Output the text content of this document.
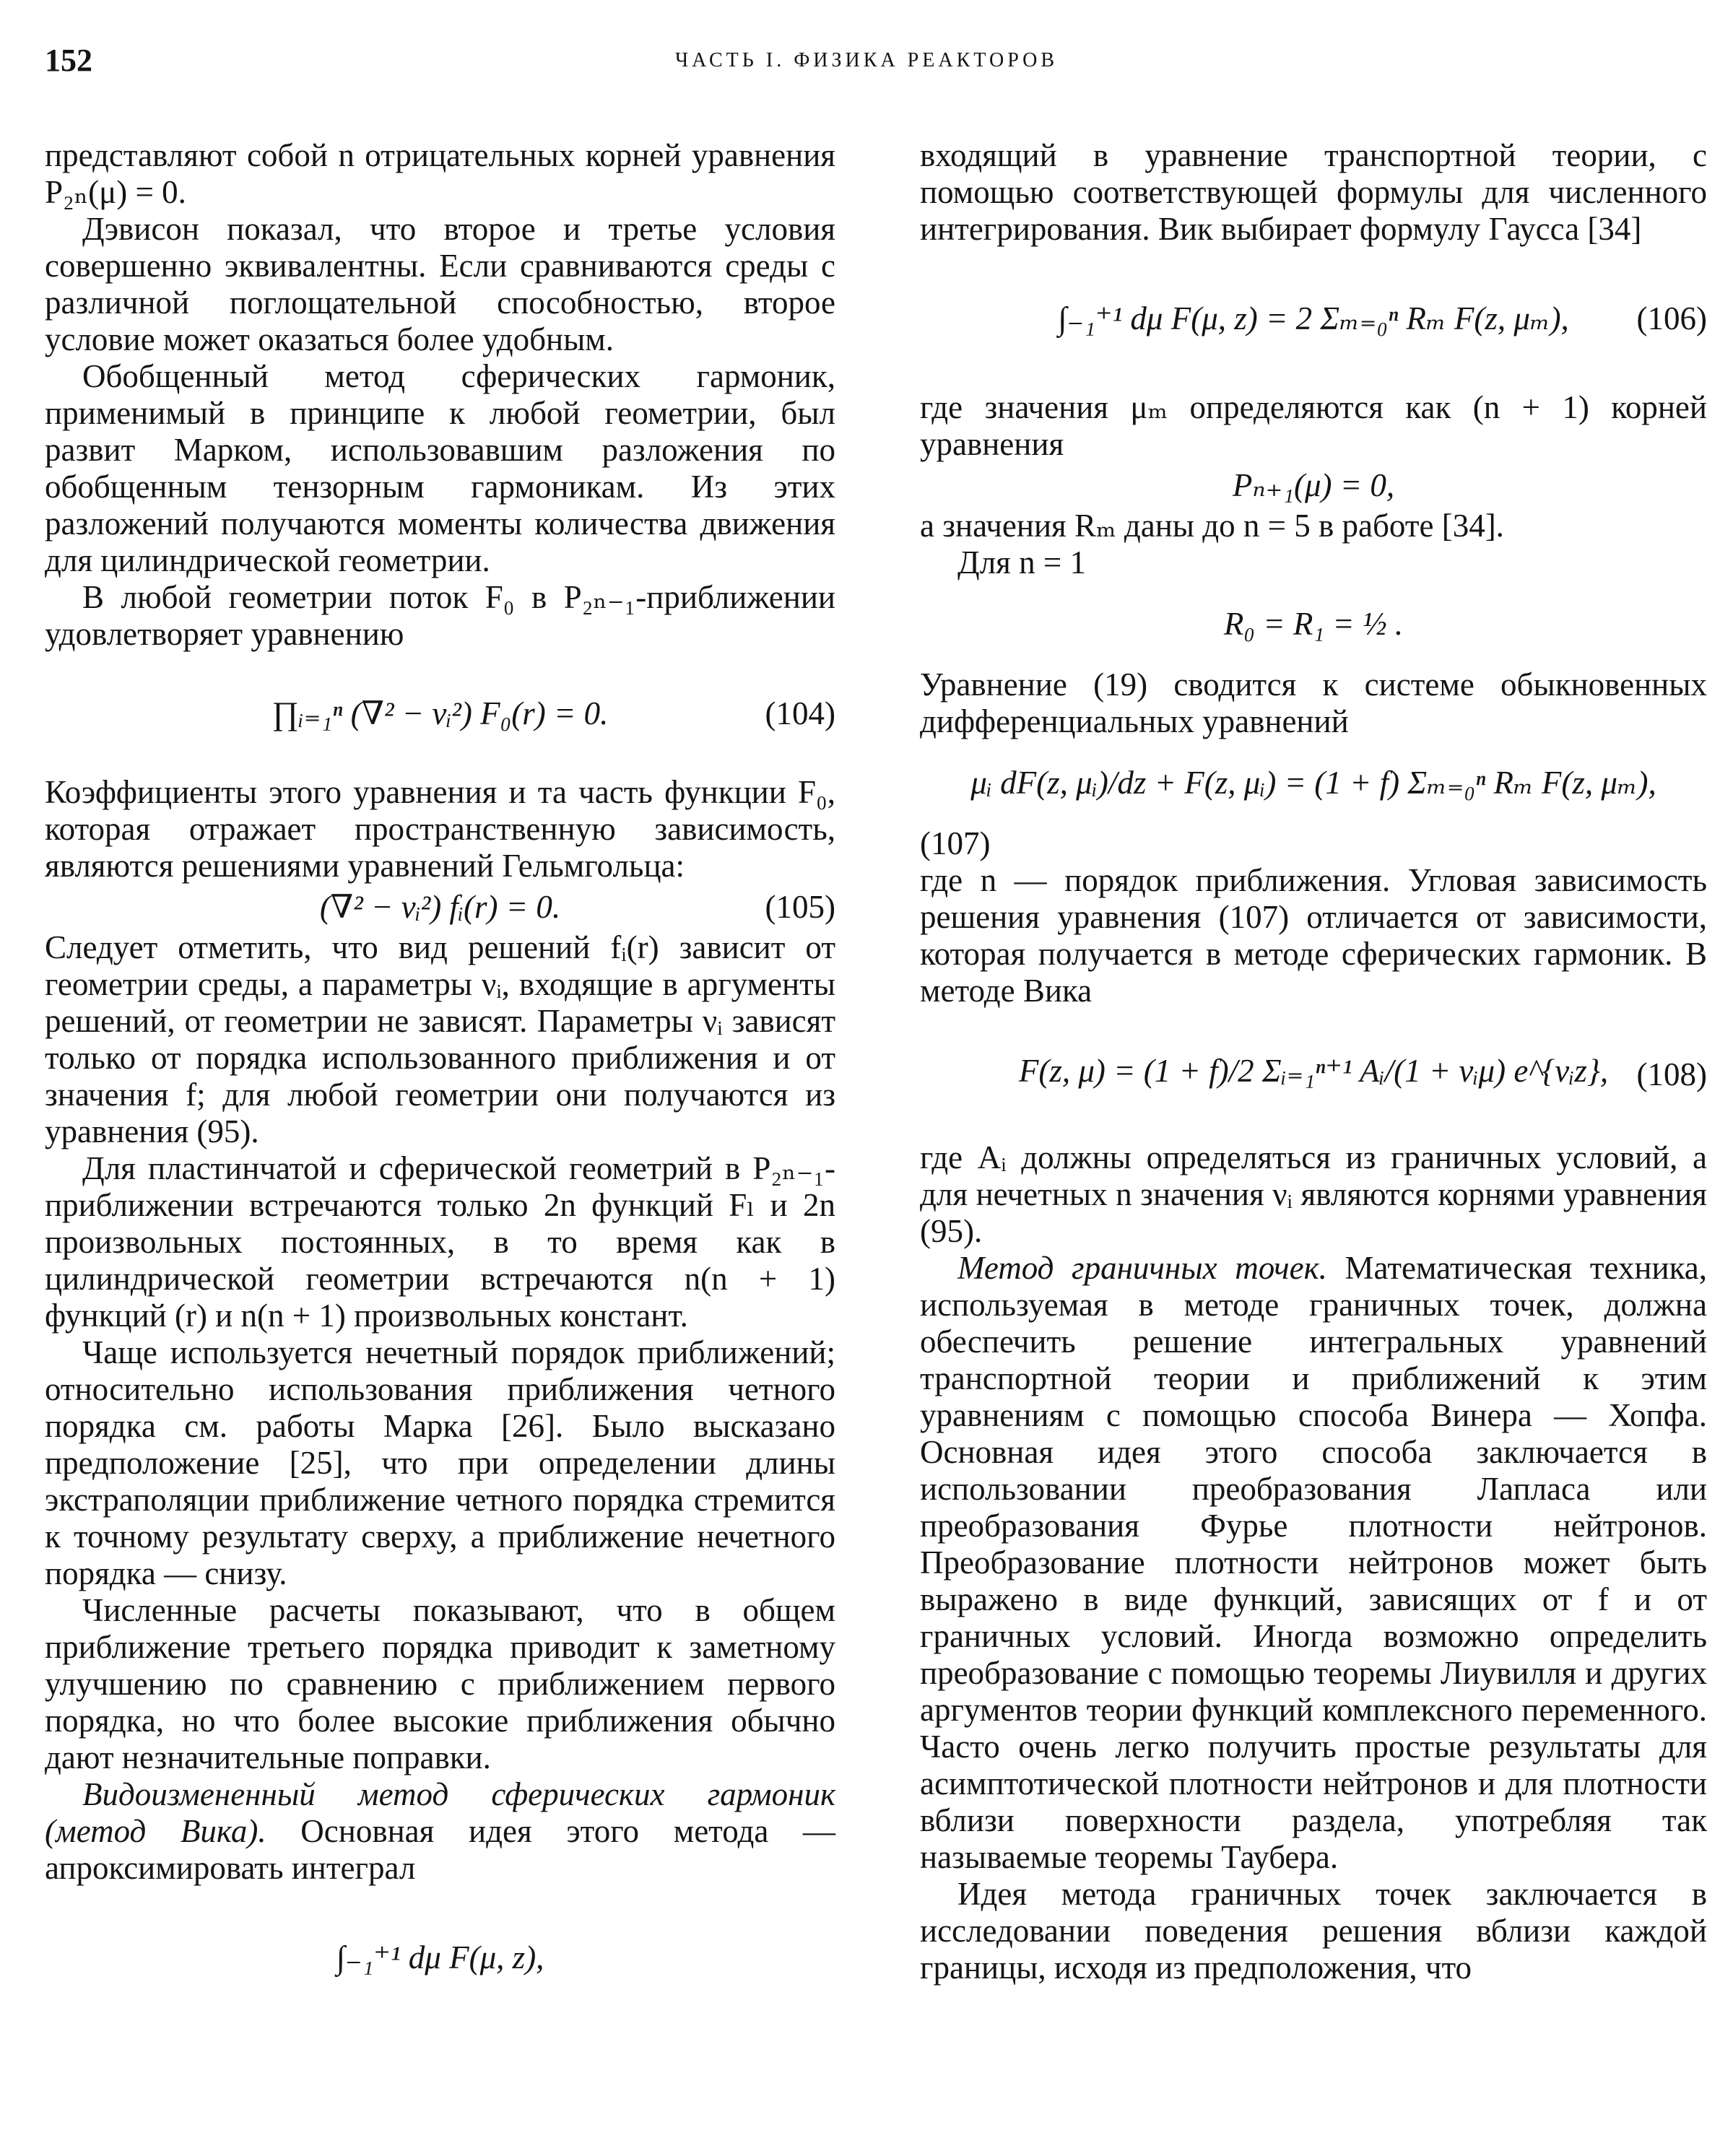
152	ЧАСТЬ I. ФИЗИКА РЕАКТОРОВ

представляют собой n отрицательных корней уравнения P₂ₙ(μ) = 0.

Дэвисон показал, что второе и третье условия совершенно эквивалентны. Если сравниваются среды с различной поглощательной способностью, второе условие может оказаться более удобным.

Обобщенный метод сферических гармоник, применимый в принципе к любой геометрии, был развит Марком, использовавшим разложения по обобщенным тензорным гармоникам. Из этих разложений получаются моменты количества движения для цилиндрической геометрии.

В любой геометрии поток F₀ в P₂ₙ₋₁-приближении удовлетворяет уравнению

∏ᵢ₌₁ⁿ (∇² − νᵢ²) F₀(r) = 0.	(104)

Коэффициенты этого уравнения и та часть функции F₀, которая отражает пространственную зависимость, являются решениями уравнений Гельмгольца:

(∇² − νᵢ²) fᵢ(r) = 0.	(105)

Следует отметить, что вид решений fᵢ(r) зависит от геометрии среды, а параметры νᵢ, входящие в аргументы решений, от геометрии не зависят. Параметры νᵢ зависят только от порядка использованного приближения и от значения f; для любой геометрии они получаются из уравнения (95).

Для пластинчатой и сферической геометрий в P₂ₙ₋₁-приближении встречаются только 2n функций Fₗ и 2n произвольных постоянных, в то время как в цилиндрической геометрии встречаются n(n + 1) функций (r) и n(n + 1) произвольных констант.

Чаще используется нечетный порядок приближений; относительно использования приближения четного порядка см. работы Марка [26]. Было высказано предположение [25], что при определении длины экстраполяции приближение четного порядка стремится к точному результату сверху, а приближение нечетного порядка — снизу.

Численные расчеты показывают, что в общем приближение третьего порядка приводит к заметному улучшению по сравнению с приближением первого порядка, но что более высокие приближения обычно дают незначительные поправки.

Видоизмененный метод сферических гармоник (метод Вика). Основная идея этого метода — апроксимировать интеграл

∫₋₁⁺¹ dμ F(μ, z),

входящий в уравнение транспортной теории, с помощью соответствующей формулы для численного интегрирования. Вик выбирает формулу Гаусса [34]

∫₋₁⁺¹ dμ F(μ, z) = 2 Σₘ₌₀ⁿ Rₘ F(z, μₘ), (106)

где значения μₘ определяются как (n + 1) корней уравнения

Pₙ₊₁(μ) = 0,

а значения Rₘ даны до n = 5 в работе [34].

Для n = 1

R₀ = R₁ = ½ .

Уравнение (19) сводится к системе обыкновенных дифференциальных уравнений

μᵢ dF(z, μᵢ)/dz + F(z, μᵢ) = (1 + f) Σₘ₌₀ⁿ Rₘ F(z, μₘ),

(107)

где n — порядок приближения. Угловая зависимость решения уравнения (107) отличается от зависимости, которая получается в методе сферических гармоник. В методе Вика

F(z, μ) = (1 + f)/2 Σᵢ₌₁ⁿ⁺¹ Aᵢ/(1 + νᵢμ) e^{νᵢz}, (108)

где Aᵢ должны определяться из граничных условий, а для нечетных n значения νᵢ являются корнями уравнения (95).

Метод граничных точек. Математическая техника, используемая в методе граничных точек, должна обеспечить решение интегральных уравнений транспортной теории и приближений к этим уравнениям с помощью способа Винера — Хопфа. Основная идея этого способа заключается в использовании преобразования Лапласа или преобразования Фурье плотности нейтронов. Преобразование плотности нейтронов может быть выражено в виде функций, зависящих от f и от граничных условий. Иногда возможно определить преобразование с помощью теоремы Лиувилля и других аргументов теории функций комплексного переменного. Часто очень легко получить простые результаты для асимптотической плотности нейтронов и для плотности вблизи поверхности раздела, употребляя так называемые теоремы Таубера.

Идея метода граничных точек заключается в исследовании поведения решения вблизи каждой границы, исходя из предположения, что
